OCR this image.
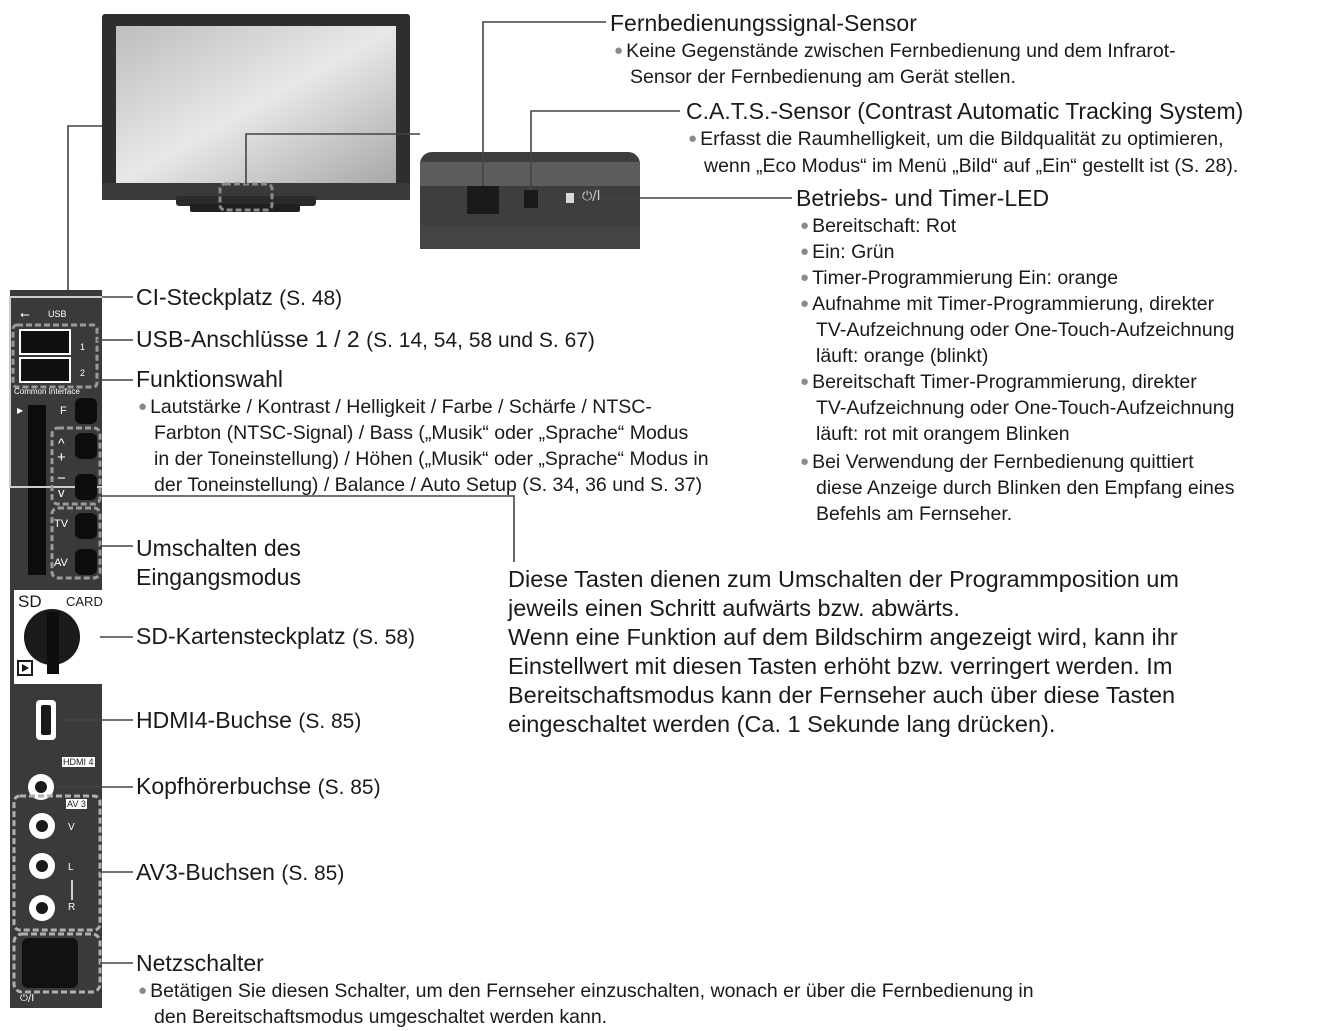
USB
⭠
1
2
Common Interface
F
▶
^
+
−
v
TV
AV
SD CARD
HDMI 4
AV 3
V
L
R
⏻/I
⏻/I
Fernbedienungssignal-Sensor
● Keine Gegenstände zwischen Fernbedienung und dem Infrarot-
Sensor der Fernbedienung am Gerät stellen.
C.A.T.S.-Sensor (Contrast Automatic Tracking System)
● Erfasst die Raumhelligkeit, um die Bildqualität zu optimieren,
wenn „Eco Modus“ im Menü „Bild“ auf „Ein“ gestellt ist (S. 28).
Betriebs- und Timer-LED
● Bereitschaft: Rot
● Ein: Grün
● Timer-Programmierung Ein: orange
● Aufnahme mit Timer-Programmierung, direkter
TV-Aufzeichnung oder One-Touch-Aufzeichnung
läuft: orange (blinkt)
● Bereitschaft Timer-Programmierung, direkter
TV-Aufzeichnung oder One-Touch-Aufzeichnung
läuft: rot mit orangem Blinken
● Bei Verwendung der Fernbedienung quittiert
diese Anzeige durch Blinken den Empfang eines
Befehls am Fernseher.
CI-Steckplatz (S. 48)
USB-Anschlüsse 1 / 2 (S. 14, 54, 58 und S. 67)
Funktionswahl
● Lautstärke / Kontrast / Helligkeit / Farbe / Schärfe / NTSC-
Farbton (NTSC-Signal) / Bass („Musik“ oder „Sprache“ Modus
in der Toneinstellung) / Höhen („Musik“ oder „Sprache“ Modus in
der Toneinstellung) / Balance / Auto Setup (S. 34, 36 und S. 37)
Umschalten des
Eingangsmodus
SD-Kartensteckplatz (S. 58)
HDMI4-Buchse (S. 85)
Kopfhörerbuchse (S. 85)
AV3-Buchsen (S. 85)
Netzschalter
● Betätigen Sie diesen Schalter, um den Fernseher einzuschalten, wonach er über die Fernbedienung in
den Bereitschaftsmodus umgeschaltet werden kann.
Diese Tasten dienen zum Umschalten der Programmposition um
jeweils einen Schritt aufwärts bzw. abwärts.
Wenn eine Funktion auf dem Bildschirm angezeigt wird, kann ihr
Einstellwert mit diesen Tasten erhöht bzw. verringert werden. Im
Bereitschaftsmodus kann der Fernseher auch über diese Tasten
eingeschaltet werden (Ca. 1 Sekunde lang drücken).
